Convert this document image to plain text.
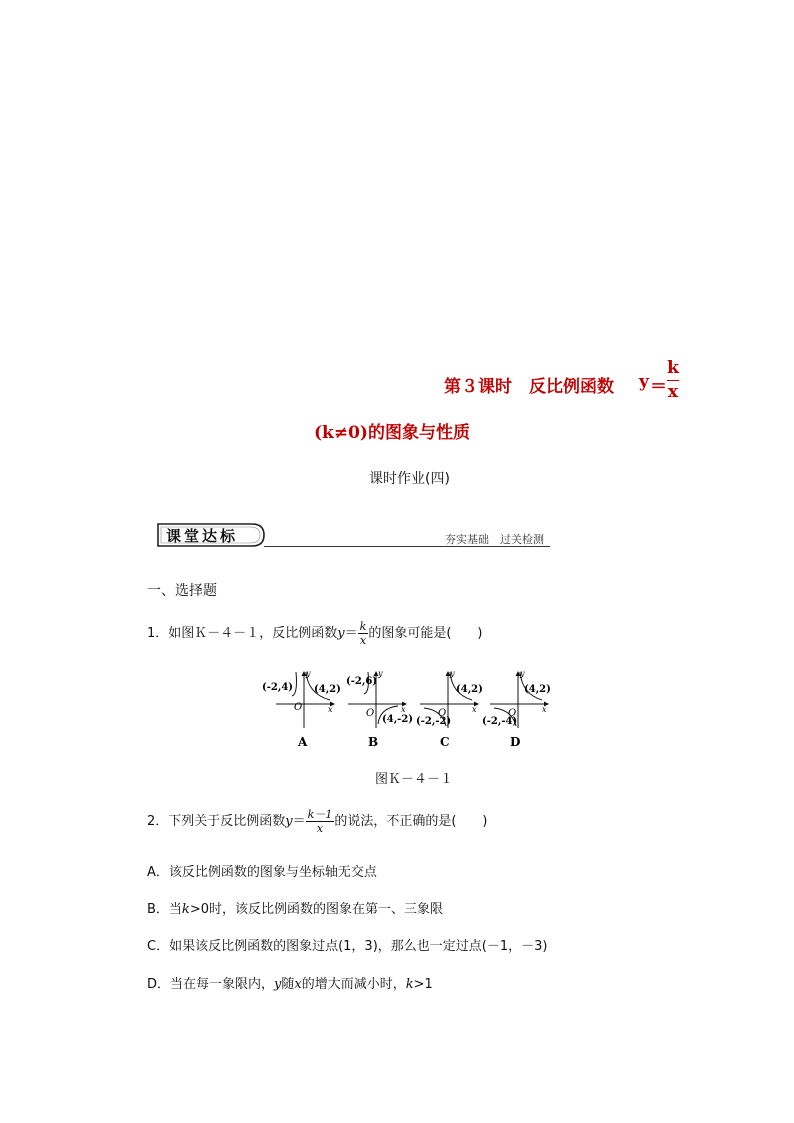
第３课时　反比例函数 y ＝
k
x
(k≠0)的图象与性质
课时作业(四)
课堂达标	夯实基础　过关检测
一、选择题
1．如图Ｋ－４－１，反比例函数$y= \frac{k}{x}$ 的图象可能是(　　)
O	x
y
(-2,4) (4,2)
A
O	x
y
(-2,6)
(4,-2)
B
O	x
y
(4,2)
(-2,-2)
C
O	x
y
(4,2)
(-2,-4)
D
图Ｋ－４－１
2．下列关于反比例函数$y= \frac{k-1}{x}$ 的说法，不正确的是(　　)
A．该反比例函数的图象与坐标轴无交点
B．当k>0时，该反比例函数的图象在第一、三象限
C．如果该反比例函数的图象过点(1，3)，那么也一定过点(－1，－3)
D．当在每一象限内，y随x的增大而减小时，k>1
